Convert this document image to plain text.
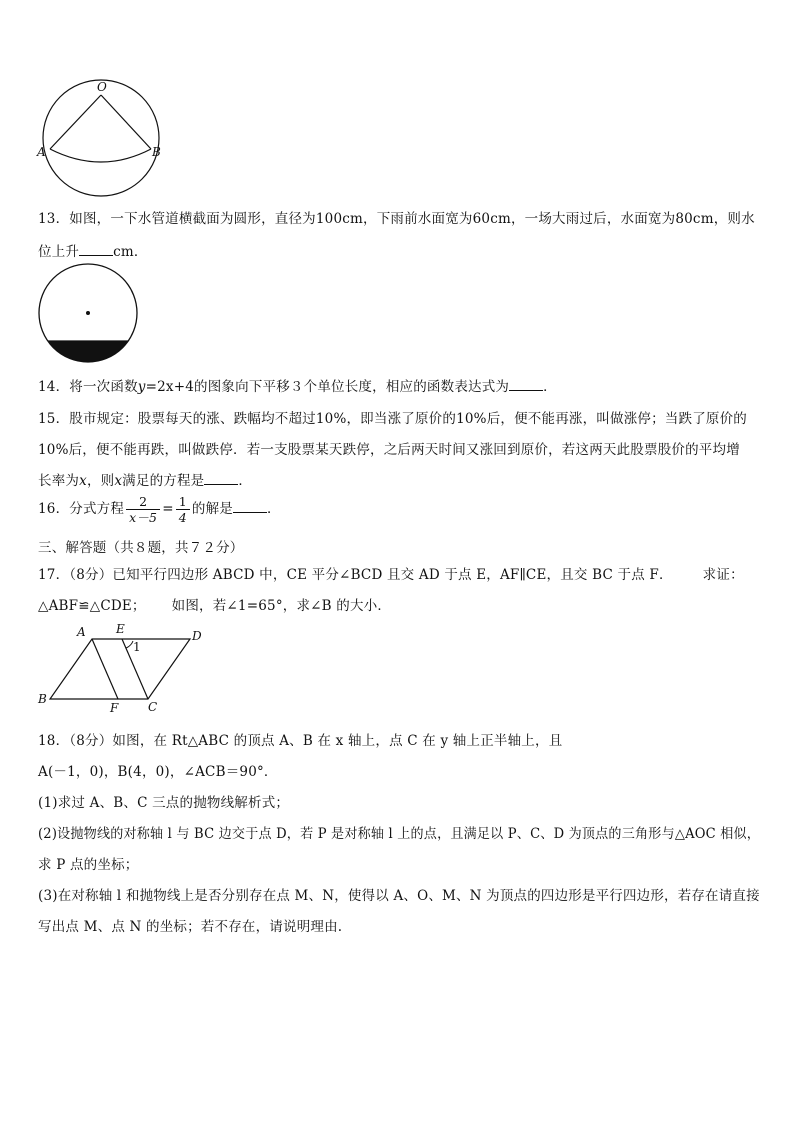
O
A	B
13．如图，一下水管道横截面为圆形，直径为100cm，下雨前水面宽为60cm，一场大雨过后，水面宽为80cm，则水
位上升	cm．
14．将一次函数y=2x+4的图象向下平移３个单位长度，相应的函数表达式为	．
15．股市规定：股票每天的涨、跌幅均不超过10%，即当涨了原价的10%后，便不能再涨，叫做涨停；当跌了原价的
10%后，便不能再跌，叫做跌停．若一支股票某天跌停，之后两天时间又涨回到原价，若这两天此股票股价的平均增
长率为x，则x满足的方程是	．
16．分式方程 $\frac{2}{x-5} = \frac{1}{4}$ 的解是	．
三、解答题（共８题，共７２分）
17．（8分）已知平行四边形 ABCD 中，CE 平分∠BCD 且交 AD 于点 E，AF∥CE，且交 BC 于点 F． 求证：
△ABF≌△CDE； 如图，若∠1=65°，求∠B 的大小．
A	E	D
1
B
F C
18．（8分）如图，在 Rt△ABC 的顶点 A、B 在 x 轴上，点 C 在 y 轴上正半轴上，且
A(－1，0)，B(4，0)，∠ACB＝90°．
(1)求过 A、B、C 三点的抛物线解析式；
(2)设抛物线的对称轴 l 与 BC 边交于点 D，若 P 是对称轴 l 上的点，且满足以 P、C、D 为顶点的三角形与△AOC 相似，
求 P 点的坐标；
(3)在对称轴 l 和抛物线上是否分别存在点 M、N，使得以 A、O、M、N 为顶点的四边形是平行四边形，若存在请直接
写出点 M、点 N 的坐标；若不存在，请说明理由.
